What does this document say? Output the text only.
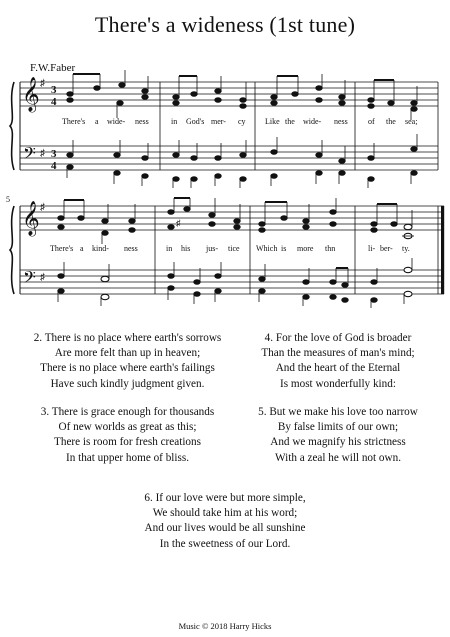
There's a wideness (1st tune)
F.W.Faber
𝄞
𝄢
♯
♯
3
4
3
4
5
𝄞
𝄢
♯
♯
♯
There's a wide- ness	in God's mer- cy Like the wide- ness	of the sea;
There's a kind- ness	in his jus- tice Which is more thn	li- ber- ty.
2. There is no place where earth's sorrows
Are more felt than up in heaven;
There is no place where earth's failings
Have such kindly judgment given.
3. There is grace enough for thousands
Of new worlds as great as this;
There is room for fresh creations
In that upper home of bliss.
4. For the love of God is broader
Than the measures of man's mind;
And the heart of the Eternal
Is most wonderfully kind:
5. But we make his love too narrow
By false limits of our own;
And we magnify his strictness
With a zeal he will not own.
6. If our love were but more simple,
We should take him at his word;
And our lives would be all sunshine
In the sweetness of our Lord.
Music © 2018 Harry Hicks
